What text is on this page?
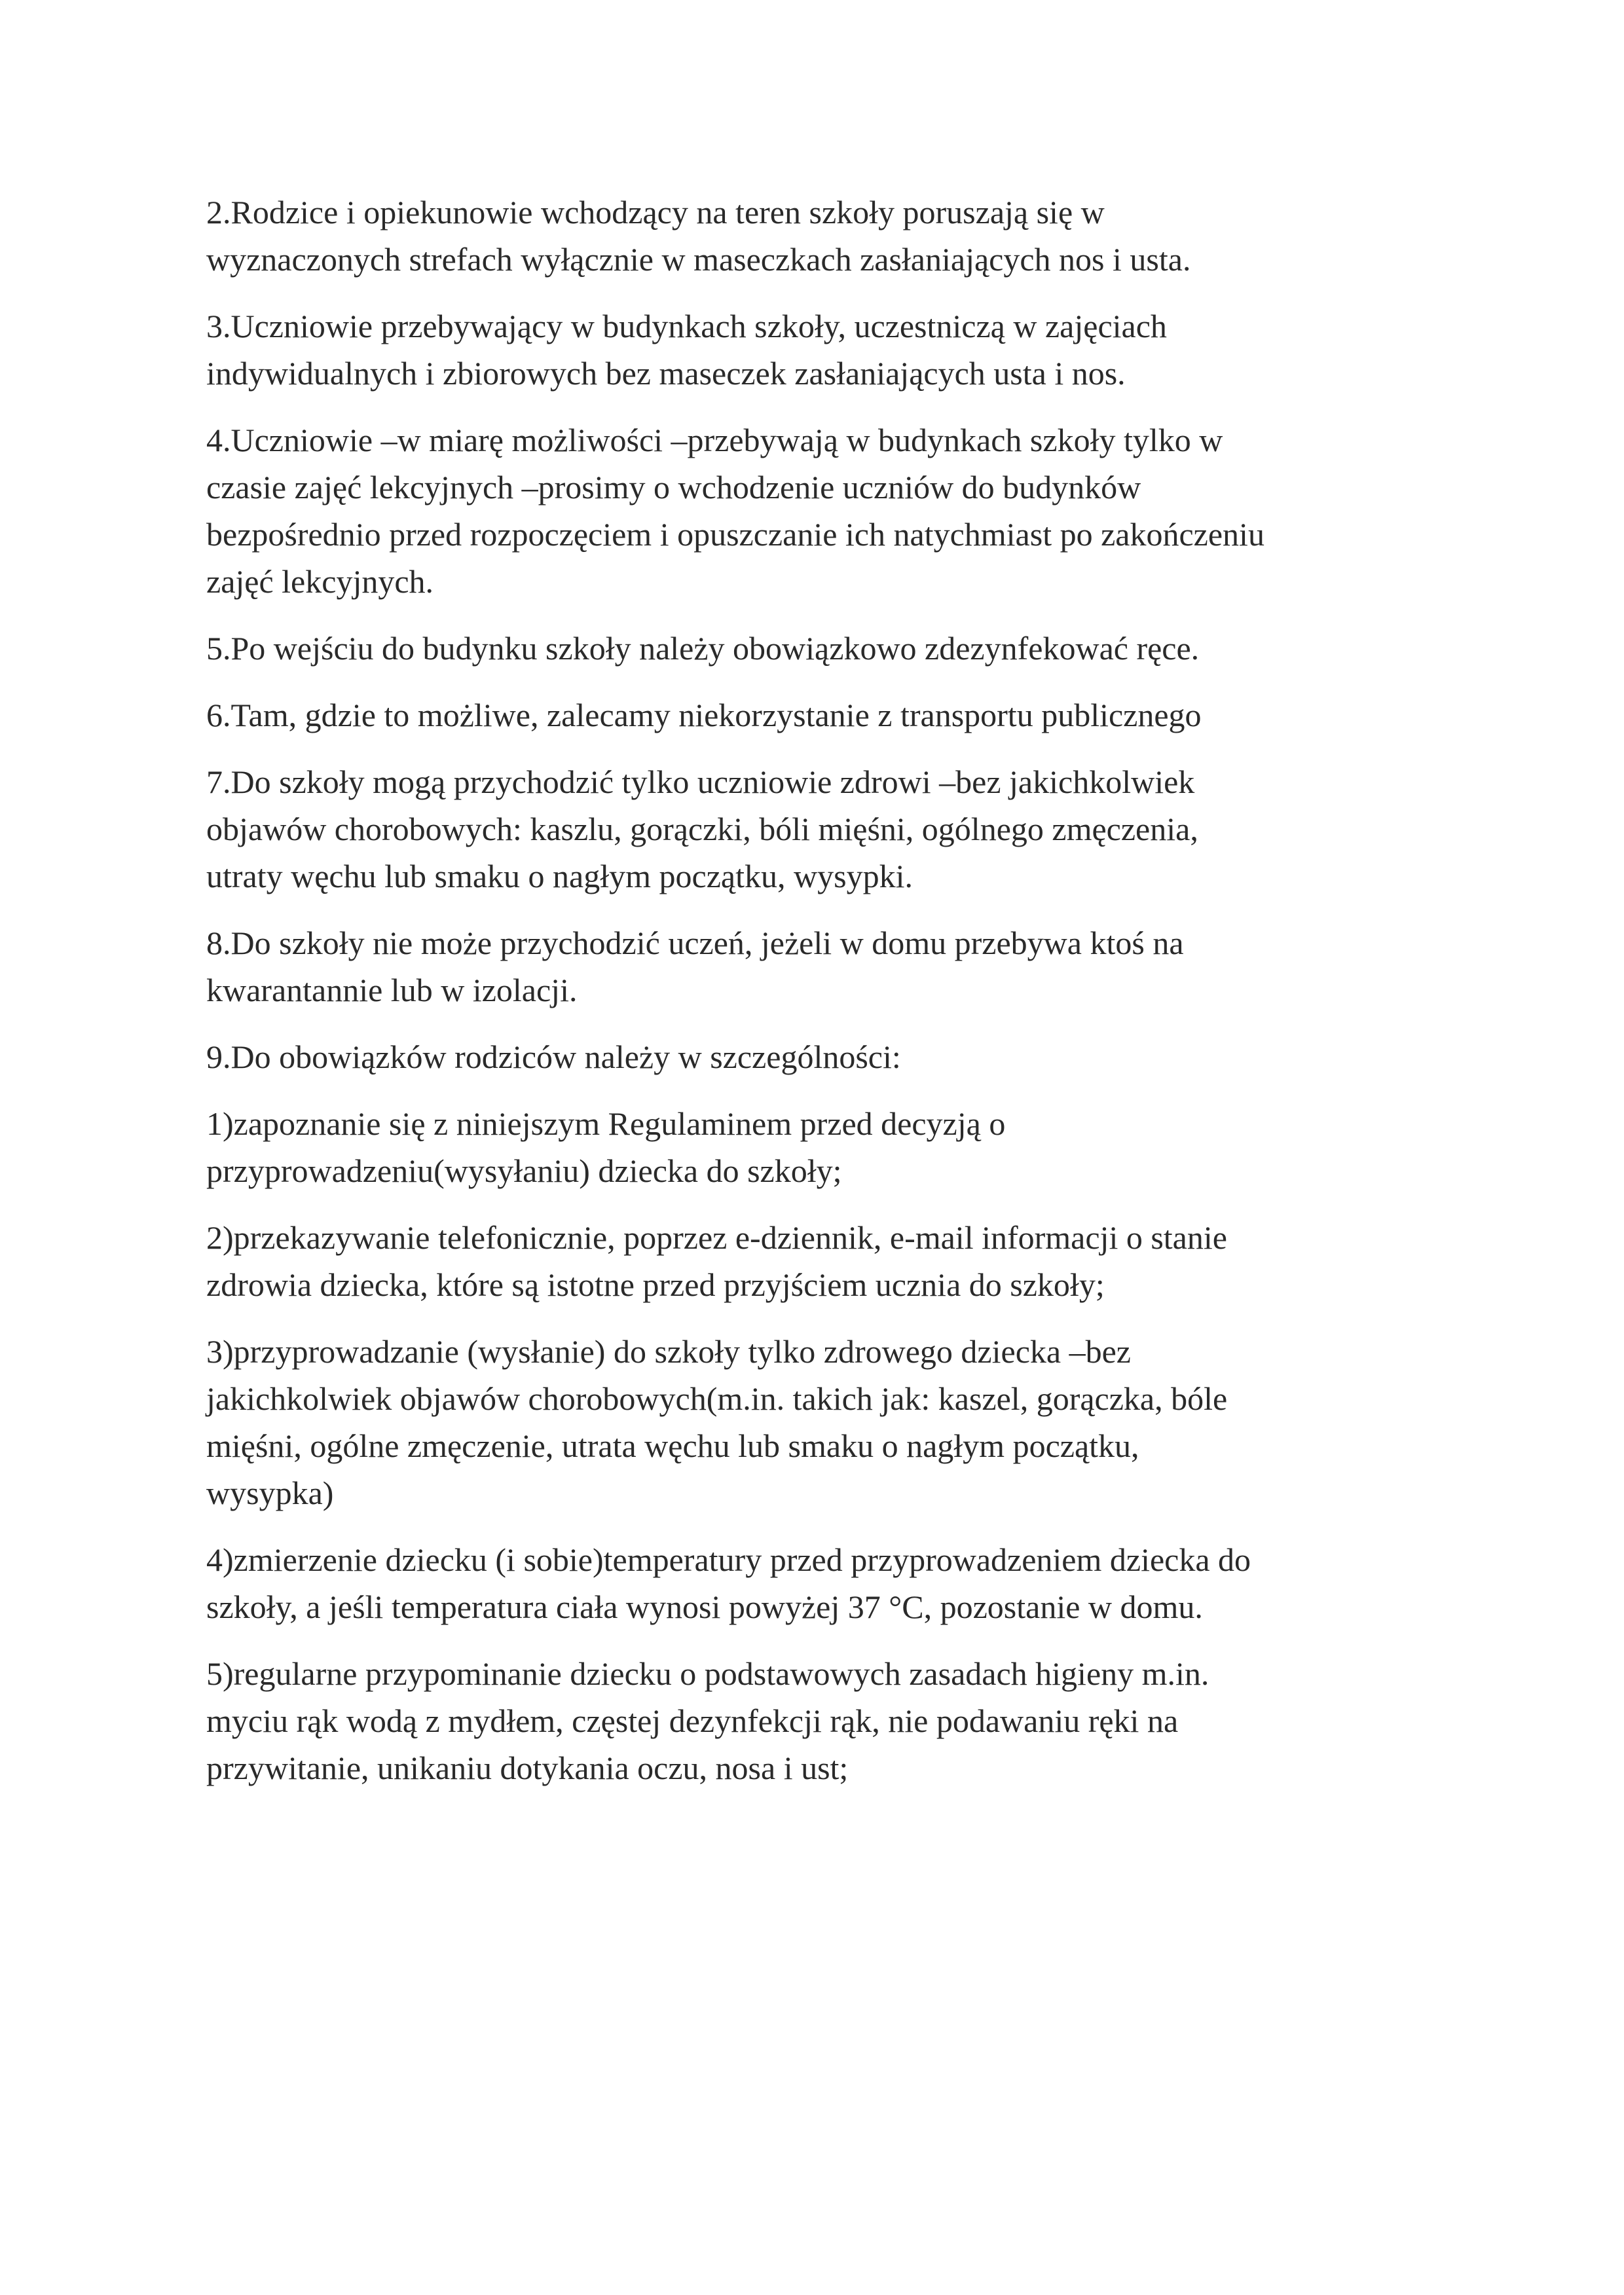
2.Rodzice i opiekunowie wchodzący na teren szkoły poruszają się w
wyznaczonych strefach wyłącznie w maseczkach zasłaniających nos i usta.

3.Uczniowie przebywający w budynkach szkoły, uczestniczą w zajęciach
indywidualnych i zbiorowych bez maseczek zasłaniających usta i nos.

4.Uczniowie –w miarę możliwości –przebywają w budynkach szkoły tylko w
czasie zajęć lekcyjnych –prosimy o wchodzenie uczniów do budynków
bezpośrednio przed rozpoczęciem i opuszczanie ich natychmiast po zakończeniu
zajęć lekcyjnych.

5.Po wejściu do budynku szkoły należy obowiązkowo zdezynfekować ręce.

6.Tam, gdzie to możliwe, zalecamy niekorzystanie z transportu publicznego

7.Do szkoły mogą przychodzić tylko uczniowie zdrowi –bez jakichkolwiek
objawów chorobowych: kaszlu, gorączki, bóli mięśni, ogólnego zmęczenia,
utraty węchu lub smaku o nagłym początku, wysypki.

8.Do szkoły nie może przychodzić uczeń, jeżeli w domu przebywa ktoś na
kwarantannie lub w izolacji.

9.Do obowiązków rodziców należy w szczególności:

1)zapoznanie się z niniejszym Regulaminem przed decyzją o
przyprowadzeniu(wysyłaniu) dziecka do szkoły;

2)przekazywanie telefonicznie, poprzez e-dziennik, e-mail informacji o stanie
zdrowia dziecka, które są istotne przed przyjściem ucznia do szkoły;

3)przyprowadzanie (wysłanie) do szkoły tylko zdrowego dziecka –bez
jakichkolwiek objawów chorobowych(m.in. takich jak: kaszel, gorączka, bóle
mięśni, ogólne zmęczenie, utrata węchu lub smaku o nagłym początku,
wysypka)

4)zmierzenie dziecku (i sobie)temperatury przed przyprowadzeniem dziecka do
szkoły, a jeśli temperatura ciała wynosi powyżej 37 °C, pozostanie w domu.

5)regularne przypominanie dziecku o podstawowych zasadach higieny m.in.
myciu rąk wodą z mydłem, częstej dezynfekcji rąk, nie podawaniu ręki na
przywitanie, unikaniu dotykania oczu, nosa i ust;
